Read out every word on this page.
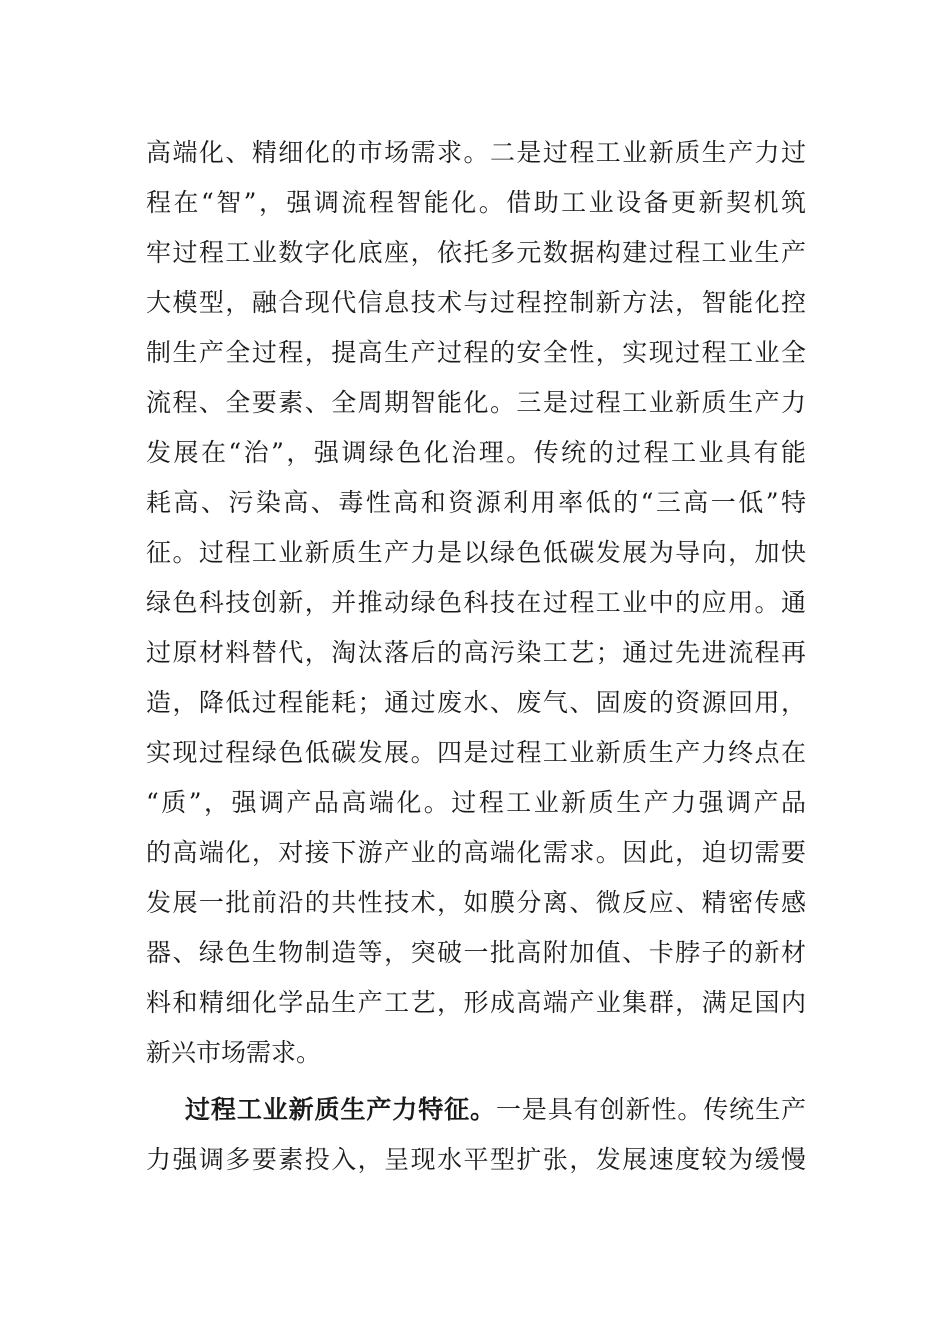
高端化、精细化的市场需求。二是过程工业新质生产力过
程在“智”，强调流程智能化。借助工业设备更新契机筑
牢过程工业数字化底座，依托多元数据构建过程工业生产
大模型，融合现代信息技术与过程控制新方法，智能化控
制生产全过程，提高生产过程的安全性，实现过程工业全
流程、全要素、全周期智能化。三是过程工业新质生产力
发展在“治”，强调绿色化治理。传统的过程工业具有能
耗高、污染高、毒性高和资源利用率低的“三高一低”特
征。过程工业新质生产力是以绿色低碳发展为导向，加快
绿色科技创新，并推动绿色科技在过程工业中的应用。通
过原材料替代，淘汰落后的高污染工艺；通过先进流程再
造，降低过程能耗；通过废水、废气、固废的资源回用，
实现过程绿色低碳发展。四是过程工业新质生产力终点在
“质”，强调产品高端化。过程工业新质生产力强调产品
的高端化，对接下游产业的高端化需求。因此，迫切需要
发展一批前沿的共性技术，如膜分离、微反应、精密传感
器、绿色生物制造等，突破一批高附加值、卡脖子的新材
料和精细化学品生产工艺，形成高端产业集群，满足国内
新兴市场需求。
过程工业新质生产力特征。一是具有创新性。传统生产
力强调多要素投入，呈现水平型扩张，发展速度较为缓慢
